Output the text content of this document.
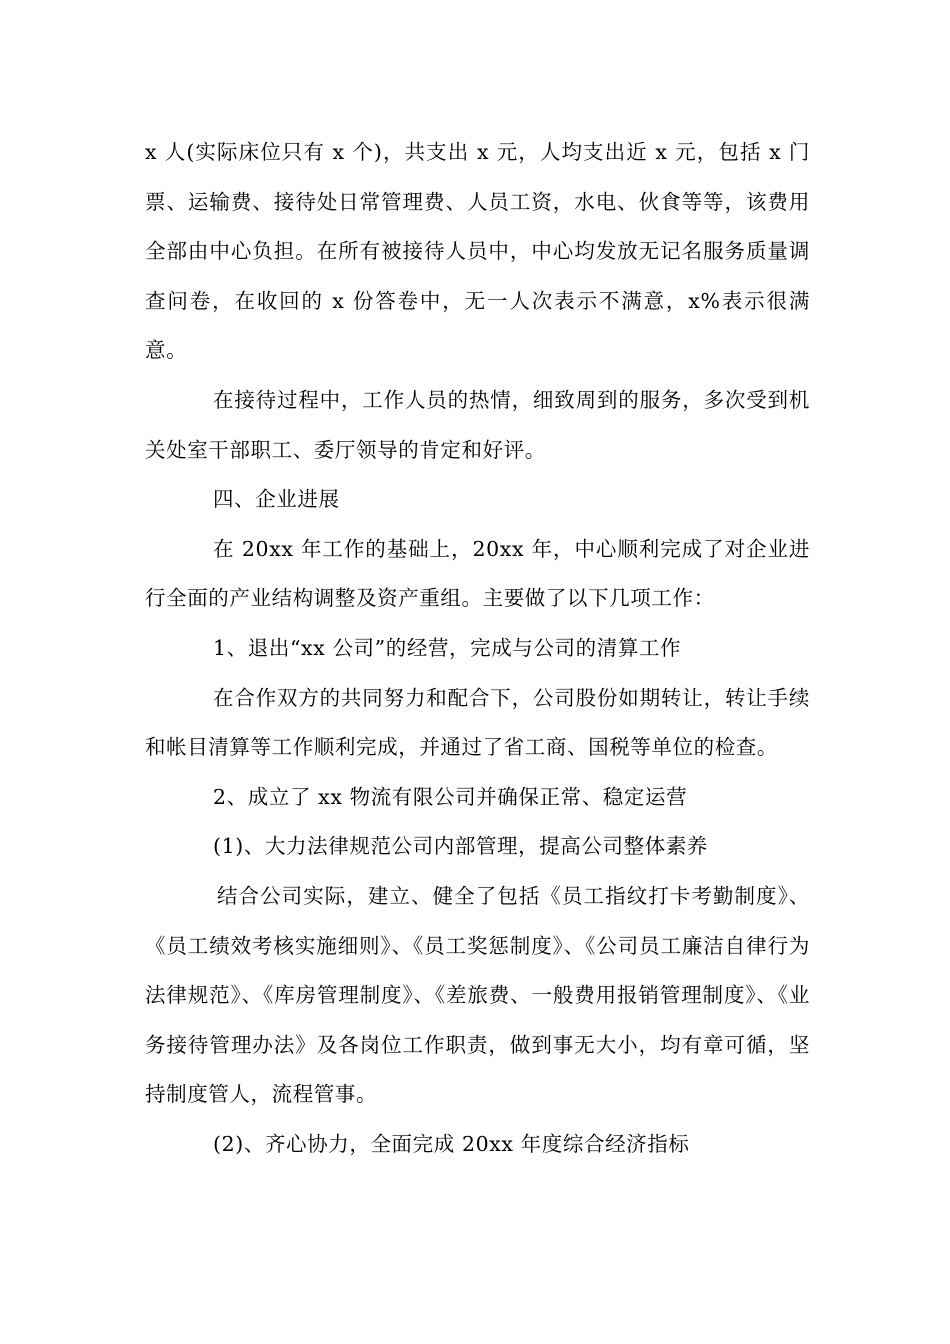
x 人(实际床位只有 x 个)，共支出 x 元，人均支出近 x 元，包括 x 门票、运输费、接待处日常管理费、人员工资，水电、伙食等等，该费用全部由中心负担。在所有被接待人员中，中心均发放无记名服务质量调查问卷，在收回的 x 份答卷中，无一人次表示不满意，x%表示很满意。

在接待过程中，工作人员的热情，细致周到的服务，多次受到机关处室干部职工、委厅领导的肯定和好评。

四、企业进展

在 20xx 年工作的基础上，20xx 年，中心顺利完成了对企业进行全面的产业结构调整及资产重组。主要做了以下几项工作：

1、退出“xx 公司”的经营，完成与公司的清算工作

在合作双方的共同努力和配合下，公司股份如期转让，转让手续和帐目清算等工作顺利完成，并通过了省工商、国税等单位的检查。

2、成立了 xx 物流有限公司并确保正常、稳定运营

(1)、大力法律规范公司内部管理，提高公司整体素养

结合公司实际，建立、健全了包括《员工指纹打卡考勤制度》、《员工绩效考核实施细则》、《员工奖惩制度》、《公司员工廉洁自律行为法律规范》、《库房管理制度》、《差旅费、一般费用报销管理制度》、《业务接待管理办法》及各岗位工作职责，做到事无大小，均有章可循，坚持制度管人，流程管事。

(2)、齐心协力，全面完成 20xx 年度综合经济指标
